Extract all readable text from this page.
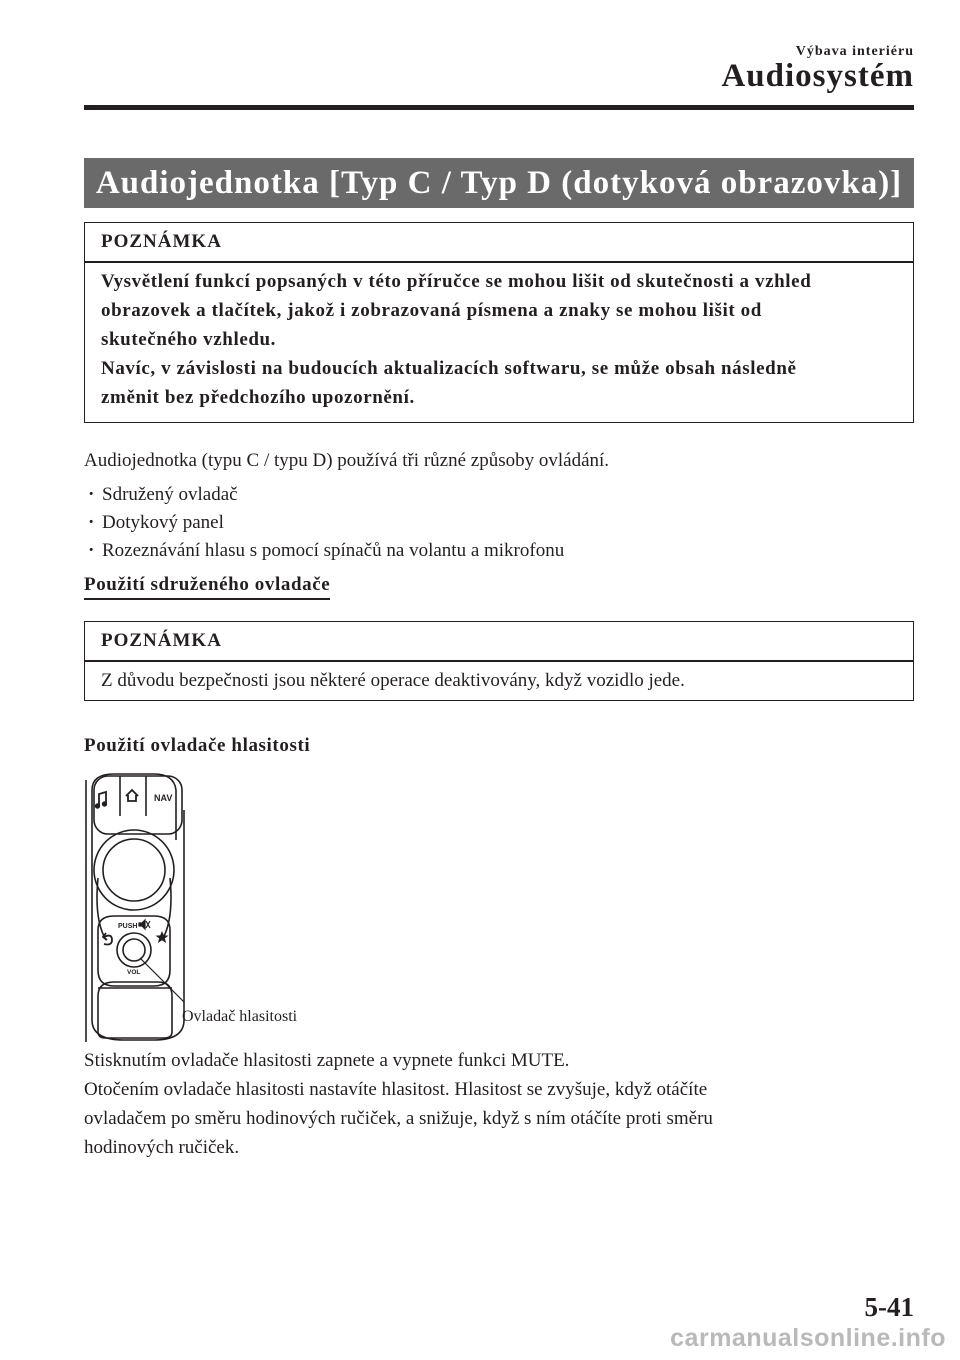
Výbava interiéru
Audiosystém
Audiojednotka [Typ C / Typ D (dotyková obrazovka)]
POZNÁMKA
Vysvětlení funkcí popsaných v této příručce se mohou lišit od skutečnosti a vzhled
obrazovek a tlačítek, jakož i zobrazovaná písmena a znaky se mohou lišit od
skutečného vzhledu.
Navíc, v závislosti na budoucích aktualizacích softwaru, se může obsah následně
změnit bez předchozího upozornění.
Audiojednotka (typu C / typu D) používá tři různé způsoby ovládání.
· Sdružený ovladač
· Dotykový panel
· Rozeznávání hlasu s pomocí spínačů na volantu a mikrofonu
Použití sdruženého ovladače
POZNÁMKA
Z důvodu bezpečnosti jsou některé operace deaktivovány, když vozidlo jede.
Použití ovladače hlasitosti
NAV
PUSH
VOL
Ovladač hlasitosti
Stisknutím ovladače hlasitosti zapnete a vypnete funkci MUTE.
Otočením ovladače hlasitosti nastavíte hlasitost. Hlasitost se zvyšuje, když otáčíte
ovladačem po směru hodinových ručiček, a snižuje, když s ním otáčíte proti směru
hodinových ručiček.
5-41
carmanualsonline.info
